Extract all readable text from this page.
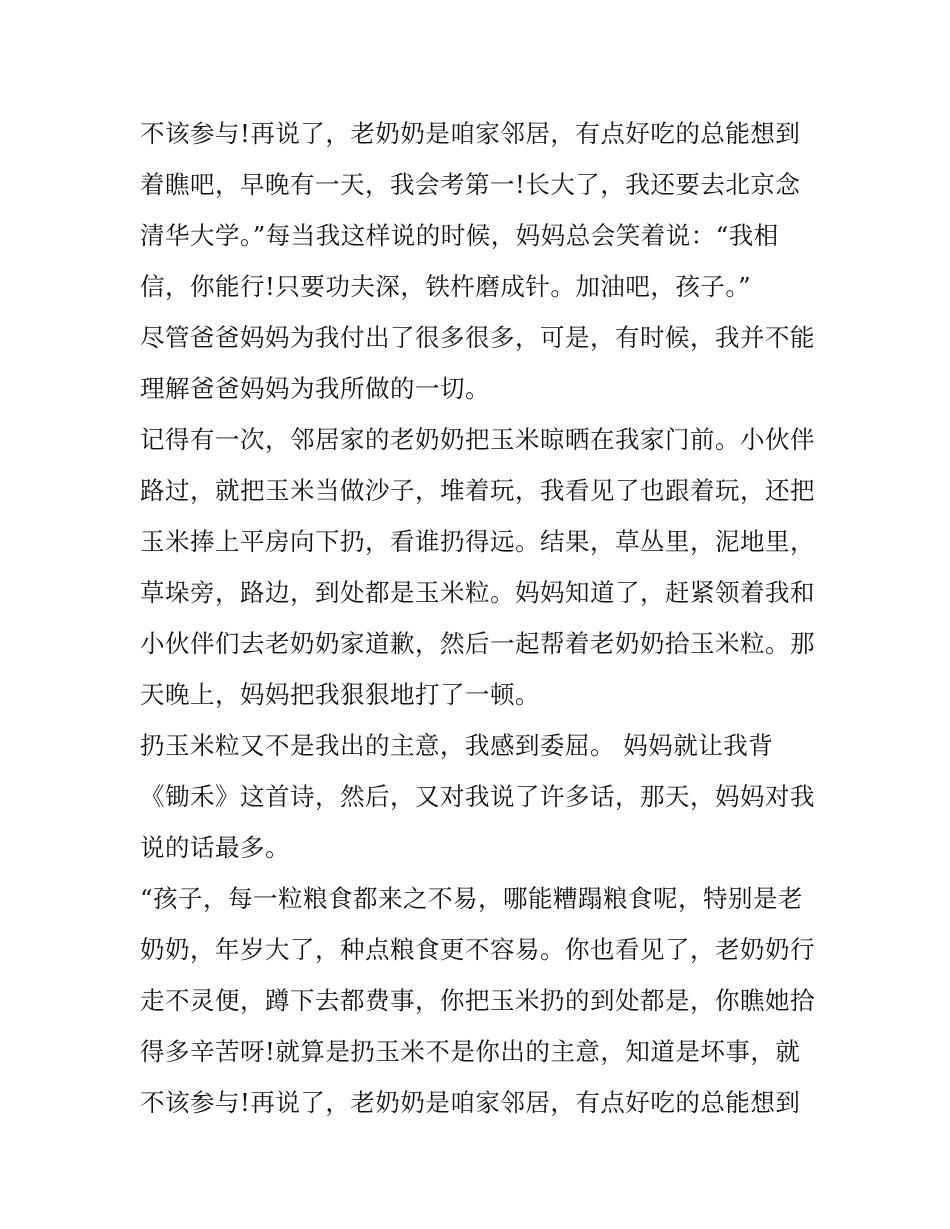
不该参与!再说了，老奶奶是咱家邻居，有点好吃的总能想到
着瞧吧，早晚有一天，我会考第一!长大了，我还要去北京念
清华大学。”每当我这样说的时候，妈妈总会笑着说：“我相
信，你能行!只要功夫深，铁杵磨成针。加油吧，孩子。”
尽管爸爸妈妈为我付出了很多很多，可是，有时候，我并不能
理解爸爸妈妈为我所做的一切。
记得有一次，邻居家的老奶奶把玉米晾晒在我家门前。小伙伴
路过，就把玉米当做沙子，堆着玩，我看见了也跟着玩，还把
玉米捧上平房向下扔，看谁扔得远。结果，草丛里，泥地里，
草垛旁，路边，到处都是玉米粒。妈妈知道了，赶紧领着我和
小伙伴们去老奶奶家道歉，然后一起帮着老奶奶拾玉米粒。那
天晚上，妈妈把我狠狠地打了一顿。
扔玉米粒又不是我出的主意，我感到委屈。 妈妈就让我背
《锄禾》这首诗，然后，又对我说了许多话，那天，妈妈对我
说的话最多。
“孩子，每一粒粮食都来之不易，哪能糟蹋粮食呢，特别是老
奶奶，年岁大了，种点粮食更不容易。你也看见了，老奶奶行
走不灵便，蹲下去都费事，你把玉米扔的到处都是，你瞧她拾
得多辛苦呀!就算是扔玉米不是你出的主意，知道是坏事，就
不该参与!再说了，老奶奶是咱家邻居，有点好吃的总能想到
